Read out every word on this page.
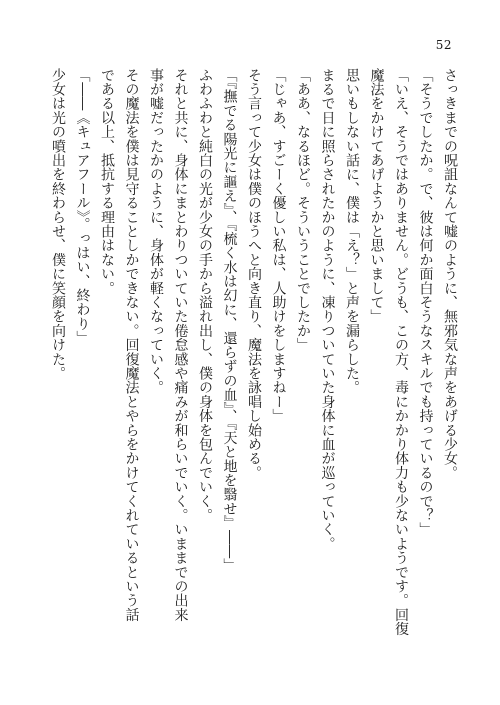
52
さっきまでの呪詛なんて嘘のように、無邪気な声をあげる少女。
「そうでしたか。で、彼は何か面白そうなスキルでも持っているので？」
「いえ、そうではありません。どうも、この方、毒にかかり体力も少ないようです。回復
魔法をかけてあげようかと思いまして」
思いもしない話に、僕は「え？」と声を漏らした。
まるで日に照らされたかのように、凍りついていた身体に血が巡っていく。
「ああ、なるほど。そういうことでしたか」
「じゃあ、すごーく優しい私は、人助けをしますねー」
そう言って少女は僕のほうへと向き直り、魔法を詠唱し始める。
「『撫でる陽光に謳え』、『梳く水は幻に、還らずの血』、『天と地を翳せ』――」
ふわふわと純白の光が少女の手から溢れ出し、僕の身体を包んでいく。
それと共に、身体にまとわりついていた倦怠感や痛みが和らいでいく。いままでの出来
事が嘘だったかのように、身体が軽くなっていく。
その魔法を僕は見守ることしかできない。回復魔法とやらをかけてくれているという話
である以上、抵抗する理由はない。
「――《キュアフール》。っはい、終わり」
少女は光の噴出を終わらせ、僕に笑顔を向けた。
